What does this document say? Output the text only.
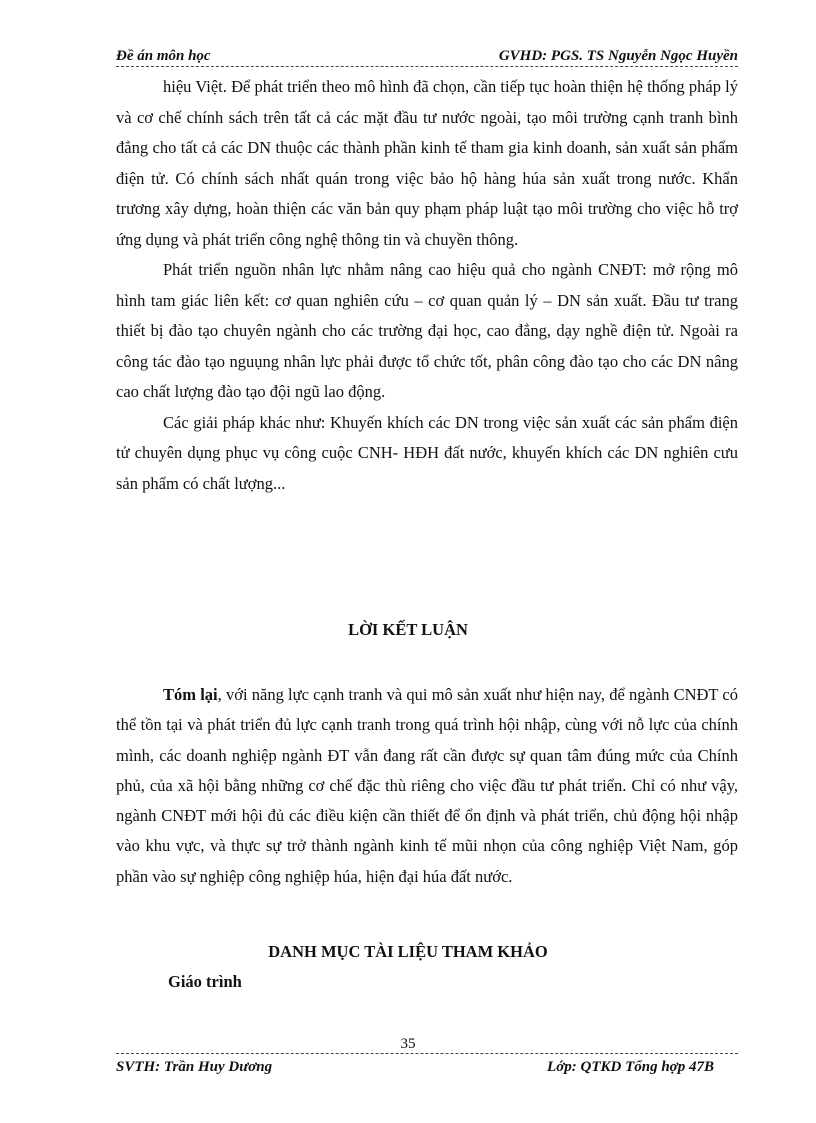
Đề án môn học	GVHD: PGS. TS Nguyễn Ngọc Huyền

hiệu Việt. Để phát triển theo mô hình đã chọn, cần tiếp tục hoàn thiện hệ thống pháp lý và cơ chế chính sách trên tất cả các mặt đầu tư nước ngoài, tạo môi trường cạnh tranh bình đẳng cho tất cả các DN thuộc các thành phần kinh tế tham gia kinh doanh, sản xuất sản phẩm điện tử. Có chính sách nhất quán trong việc bảo hộ hàng húa sản xuất trong nước. Khẩn trương xây dựng, hoàn thiện các văn bản quy phạm pháp luật tạo môi trường cho việc hỗ trợ ứng dụng và phát triển công nghệ thông tin và chuyền thông.

Phát triển nguồn nhân lực nhằm nâng cao hiệu quả cho ngành CNĐT: mở rộng mô hình tam giác liên kết: cơ quan nghiên cứu – cơ quan quản lý – DN sản xuất. Đầu tư trang thiết bị đào tạo chuyên ngành cho các trường đại học, cao đẳng, dạy nghề điện tử. Ngoài ra công tác đào tạo nguụng nhân lực phải được tổ chức tốt, phân công đào tạo cho các DN nâng cao chất lượng đào tạo đội ngũ lao động.

Các giải pháp khác như: Khuyến khích các DN trong việc sản xuất các sản phẩm điện tử chuyên dụng phục vụ công cuộc CNH- HĐH đất nước, khuyến khích các DN nghiên cưu sản phẩm có chất lượng...

LỜI KẾT LUẬN

Tóm lại, với năng lực cạnh tranh và qui mô sản xuất như hiện nay, để ngành CNĐT có thể tồn tại và phát triển đủ lực cạnh tranh trong quá trình hội nhập, cùng với nỗ lực của chính mình, các doanh nghiệp ngành ĐT vẫn đang rất cần được sự quan tâm đúng mức của Chính phủ, của xã hội bằng những cơ chế đặc thù riêng cho việc đầu tư phát triển. Chỉ có như vậy, ngành CNĐT mới hội đủ các điều kiện cần thiết để ổn định và phát triển, chủ động hội nhập vào khu vực, và thực sự trở thành ngành kinh tế mũi nhọn của công nghiệp Việt Nam, góp phần vào sự nghiệp công nghiệp húa, hiện đại húa đất nước.

DANH MỤC TÀI LIỆU THAM KHẢO
Giáo trình
35
SVTH: Trần Huy Dương	Lớp: QTKD Tổng hợp 47B
